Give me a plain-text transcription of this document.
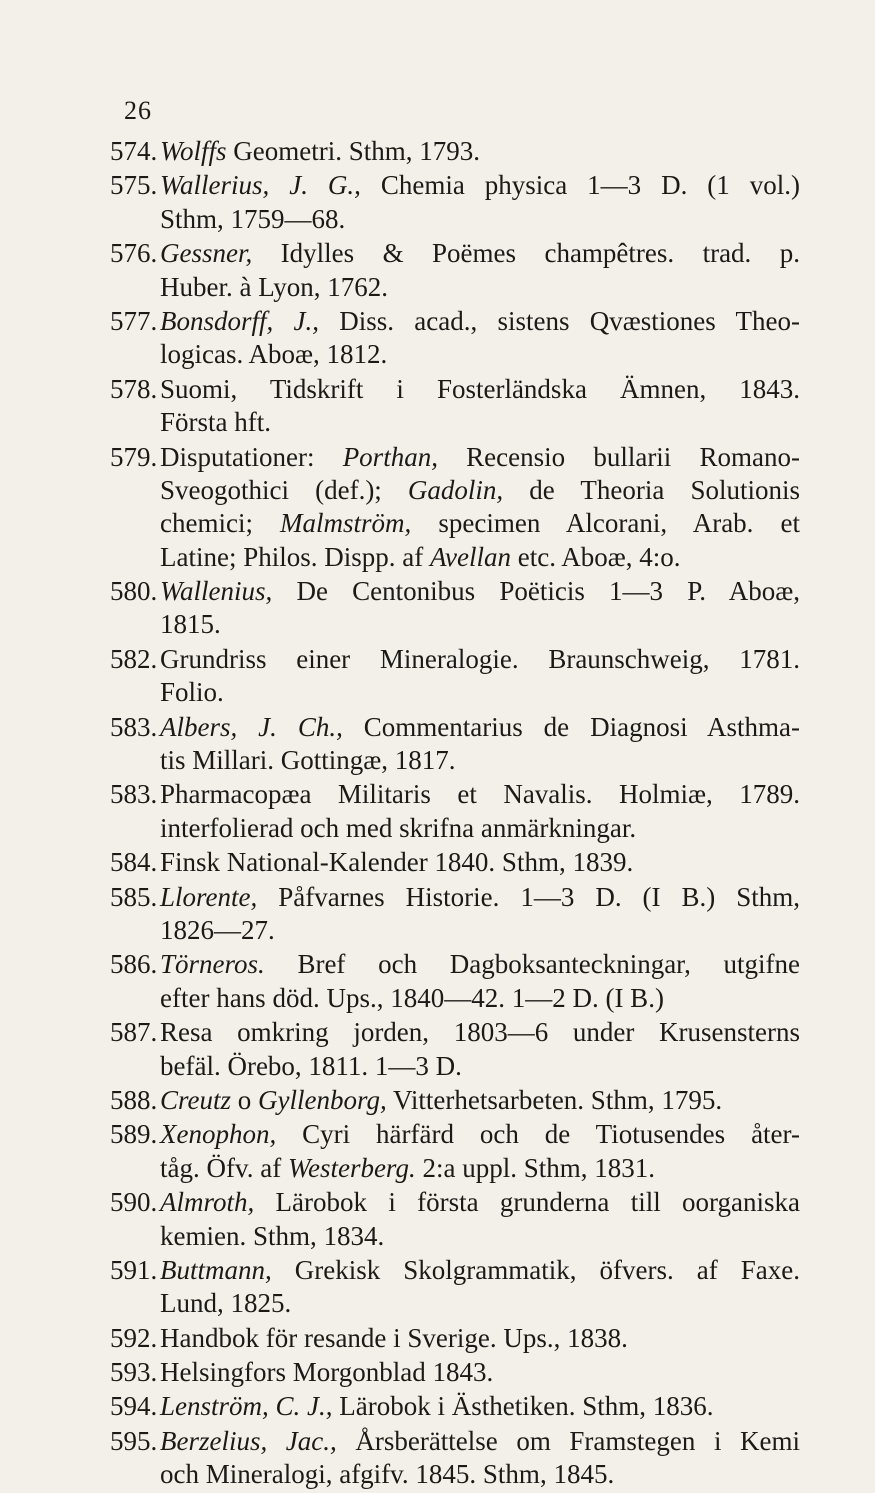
26
574. Wolffs Geometri. Sthm, 1793.
575. Wallerius, J. G., Chemia physica 1—3 D. (1 vol.)
Sthm, 1759—68.
576. Gessner, Idylles & Poëmes champêtres. trad. p.
Huber. à Lyon, 1762.
577. Bonsdorff, J., Diss. acad., sistens Qvæstiones Theo-
logicas. Aboæ, 1812.
578. Suomi, Tidskrift i Fosterländska Ämnen, 1843.
Första hft.
579. Disputationer: Porthan, Recensio bullarii Romano-
Sveogothici (def.); Gadolin, de Theoria Solutionis
chemici; Malmström, specimen Alcorani, Arab. et
Latine; Philos. Dispp. af Avellan etc. Aboæ, 4:o.
580. Wallenius, De Centonibus Poëticis 1—3 P. Aboæ,
1815.
582. Grundriss einer Mineralogie. Braunschweig, 1781.
Folio.
583. Albers, J. Ch., Commentarius de Diagnosi Asthma-
tis Millari. Gottingæ, 1817.
583. Pharmacopæa Militaris et Navalis. Holmiæ, 1789.
interfolierad och med skrifna anmärkningar.
584. Finsk National-Kalender 1840. Sthm, 1839.
585. Llorente, Påfvarnes Historie. 1—3 D. (I B.) Sthm,
1826—27.
586. Törneros. Bref och Dagboksanteckningar, utgifne
efter hans död. Ups., 1840—42. 1—2 D. (I B.)
587. Resa omkring jorden, 1803—6 under Krusensterns
befäl. Örebo, 1811. 1—3 D.
588. Creutz o Gyllenborg, Vitterhetsarbeten. Sthm, 1795.
589. Xenophon, Cyri härfärd och de Tiotusendes åter-
tåg. Öfv. af Westerberg. 2:a uppl. Sthm, 1831.
590. Almroth, Lärobok i första grunderna till oorganiska
kemien. Sthm, 1834.
591. Buttmann, Grekisk Skolgrammatik, öfvers. af Faxe.
Lund, 1825.
592. Handbok för resande i Sverige. Ups., 1838.
593. Helsingfors Morgonblad 1843.
594. Lenström, C. J., Lärobok i Ästhetiken. Sthm, 1836.
595. Berzelius, Jac., Årsberättelse om Framstegen i Kemi
och Mineralogi, afgifv. 1845. Sthm, 1845.
